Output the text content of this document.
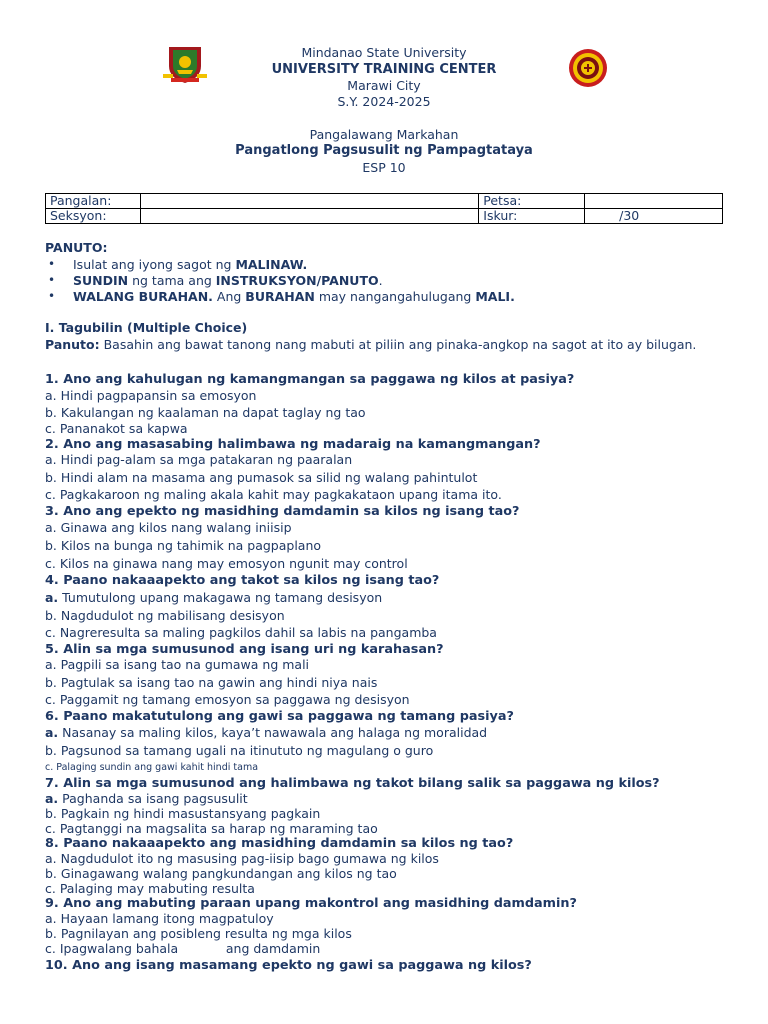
Mindanao State University
UNIVERSITY TRAINING CENTER
Marawi City
S.Y. 2024-2025
Pangalawang Markahan
Pangatlong Pagsusulit ng Pampagtataya
ESP 10
Pangalan:		Petsa:	
Seksyon:		Iskur:	/30
PANUTO:
• Isulat ang iyong sagot ng MALINAW.
• SUNDIN ng tama ang INSTRUKSYON/PANUTO.
• WALANG BURAHAN. Ang BURAHAN may nangangahulugang MALI.
I. Tagubilin (Multiple Choice)
Panuto: Basahin ang bawat tanong nang mabuti at piliin ang pinaka-angkop na sagot at ito ay bilugan.
1. Ano ang kahulugan ng kamangmangan sa paggawa ng kilos at pasiya?
a. Hindi pagpapansin sa emosyon
b. Kakulangan ng kaalaman na dapat taglay ng tao
c. Pananakot sa kapwa
2. Ano ang masasabing halimbawa ng madaraig na kamangmangan?
a. Hindi pag-alam sa mga patakaran ng paaralan
b. Hindi alam na masama ang pumasok sa silid ng walang pahintulot
c. Pagkakaroon ng maling akala kahit may pagkakataon upang itama ito.
3. Ano ang epekto ng masidhing damdamin sa kilos ng isang tao?
a. Ginawa ang kilos nang walang iniisip
b. Kilos na bunga ng tahimik na pagpaplano
c. Kilos na ginawa nang may emosyon ngunit may control
4. Paano nakaaapekto ang takot sa kilos ng isang tao?
a. Tumutulong upang makagawa ng tamang desisyon
b. Nagdudulot ng mabilisang desisyon
c. Nagreresulta sa maling pagkilos dahil sa labis na pangamba
5. Alin sa mga sumusunod ang isang uri ng karahasan?
a. Pagpili sa isang tao na gumawa ng mali
b. Pagtulak sa isang tao na gawin ang hindi niya nais
c. Paggamit ng tamang emosyon sa paggawa ng desisyon
6. Paano makatutulong ang gawi sa paggawa ng tamang pasiya?
a. Nasanay sa maling kilos, kaya’t nawawala ang halaga ng moralidad
b. Pagsunod sa tamang ugali na itinututo ng magulang o guro
c. Palaging sundin ang gawi kahit hindi tama
7. Alin sa mga sumusunod ang halimbawa ng takot bilang salik sa paggawa ng kilos?
a. Paghanda sa isang pagsusulit
b. Pagkain ng hindi masustansyang pagkain
c. Pagtanggi na magsalita sa harap ng maraming tao
8. Paano nakaaapekto ang masidhing damdamin sa kilos ng tao?
a. Nagdudulot ito ng masusing pag-iisip bago gumawa ng kilos
b. Ginagawang walang pangkundangan ang kilos ng tao
c. Palaging may mabuting resulta
9. Ano ang mabuting paraan upang makontrol ang masidhing damdamin?
a. Hayaan lamang itong magpatuloy
b. Pagnilayan ang posibleng resulta ng mga kilos
c. Ipagwalang bahala            ang damdamin
10. Ano ang isang masamang epekto ng gawi sa paggawa ng kilos?
